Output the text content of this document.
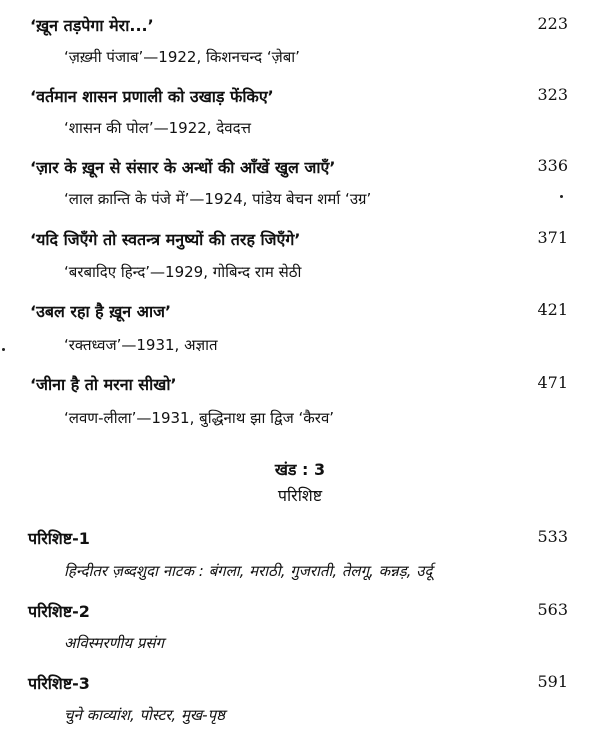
‘ख़ून तड़पेगा मेरा...’	223
‘ज़ख़्मी पंजाब’—1922, किशनचन्द ‘ज़ेबा’
‘वर्तमान शासन प्रणाली को उखाड़ फेंकिए’	323
‘शासन की पोल’—1922, देवदत्त
‘ज़ार के ख़ून से संसार के अन्धों की आँखें खुल जाएँ’	336
‘लाल क्रान्ति के पंजे में’—1924, पांडेय बेचन शर्मा ‘उग्र’
‘यदि जिएँगे तो स्वतन्त्र मनुष्यों की तरह जिएँगे’	371
‘बरबादिए हिन्द’—1929, गोबिन्द राम सेठी
‘उबल रहा है ख़ून आज’	421
‘रक्तध्वज’—1931, अज्ञात
‘जीना है तो मरना सीखो’	471
‘लवण-लीला’—1931, बुद्धिनाथ झा द्विज ‘कैरव’
खंड : 3
परिशिष्ट
परिशिष्ट-1	533
हिन्दीतर ज़ब्दशुदा नाटक : बंगला, मराठी, गुजराती, तेलगू, कन्नड़, उर्दू
परिशिष्ट-2	563
अविस्मरणीय प्रसंग
परिशिष्ट-3	591
चुने काव्यांश, पोस्टर, मुख-पृष्ठ
